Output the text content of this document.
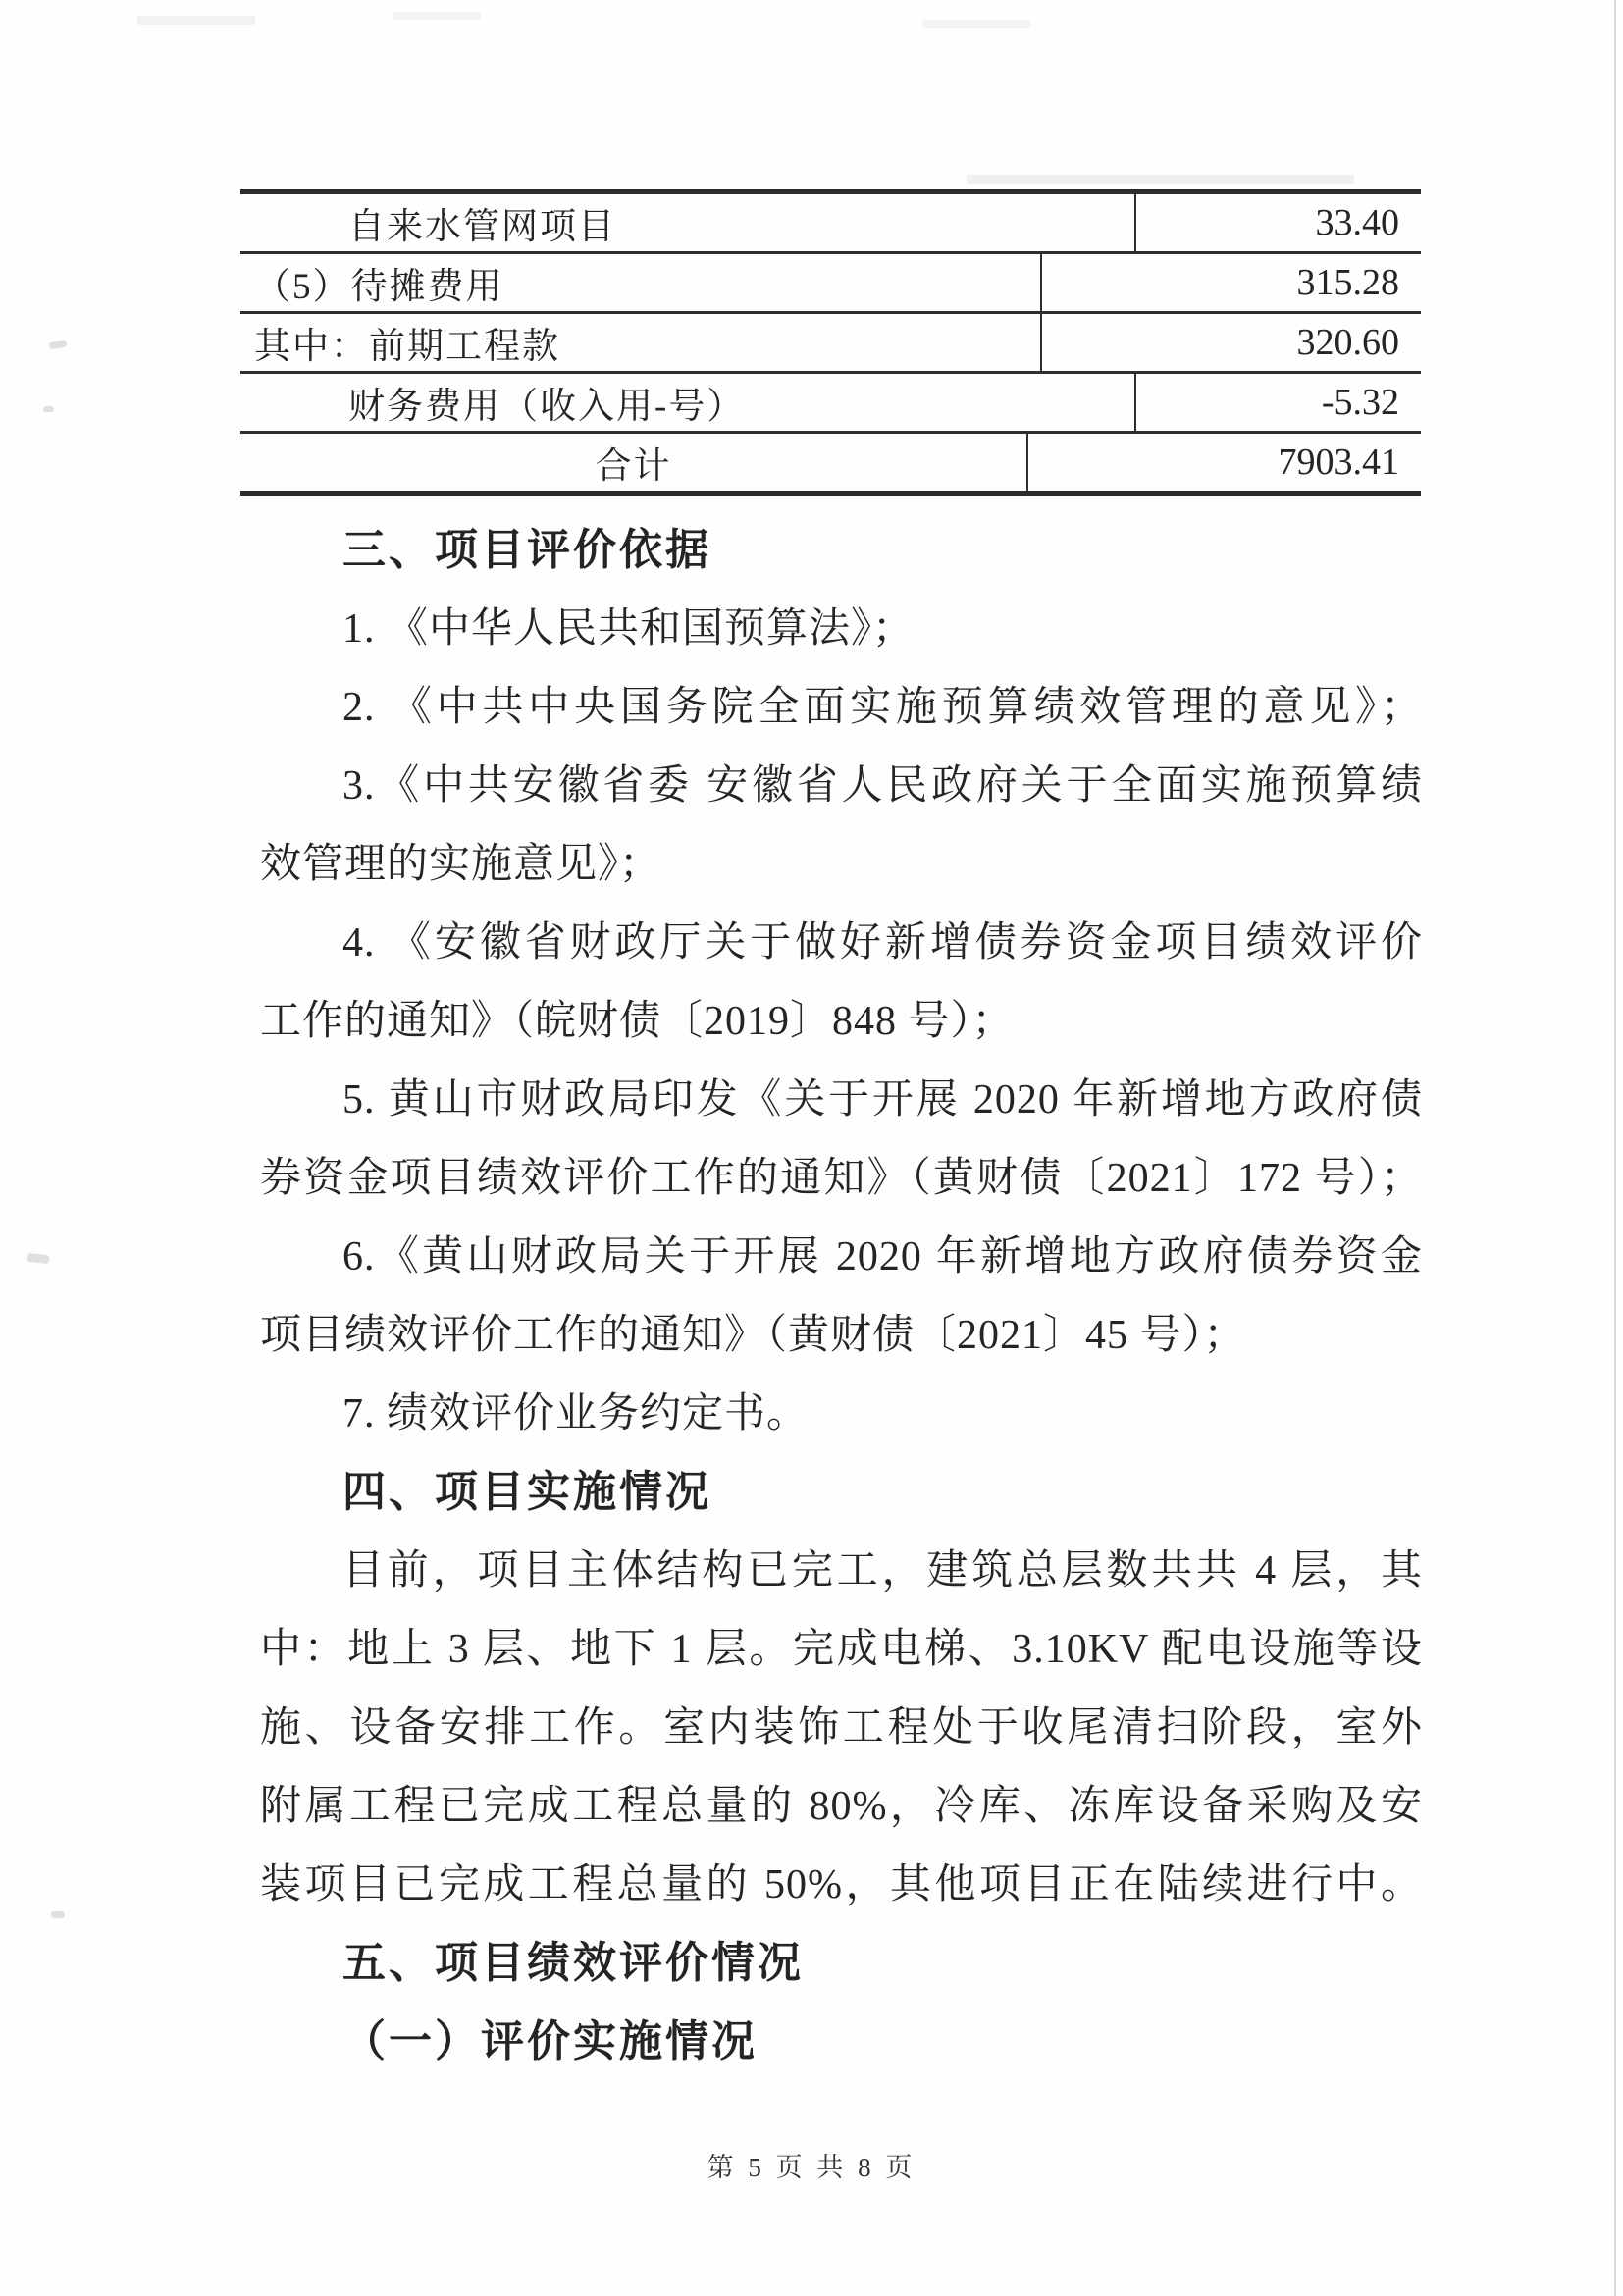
自来水管网项目	33.40
（5）待摊费用	315.28
其中：前期工程款	320.60
财务费用（收入用-号）	-5.32
合计	7903.41
三、项目评价依据
1. 《中华人民共和国预算法》；
2. 《中共中央国务院全面实施预算绩效管理的意见》；
3.《中共安徽省委 安徽省人民政府关于全面实施预算绩
效管理的实施意见》；
4. 《安徽省财政厅关于做好新增债券资金项目绩效评价
工作的通知》（皖财债〔2019〕848 号）；
5. 黄山市财政局印发《关于开展 2020 年新增地方政府债
券资金项目绩效评价工作的通知》（黄财债〔2021〕172 号）；
6.《黄山财政局关于开展 2020 年新增地方政府债券资金
项目绩效评价工作的通知》（黄财债〔2021〕45 号）；
7. 绩效评价业务约定书。
四、项目实施情况
目前，项目主体结构已完工，建筑总层数共共 4 层，其
中：地上 3 层、地下 1 层。完成电梯、3.10KV 配电设施等设
施、设备安排工作。室内装饰工程处于收尾清扫阶段，室外
附属工程已完成工程总量的 80%，冷库、冻库设备采购及安
装项目已完成工程总量的 50%，其他项目正在陆续进行中。
五、项目绩效评价情况
（一）评价实施情况
第 5 页 共 8 页
